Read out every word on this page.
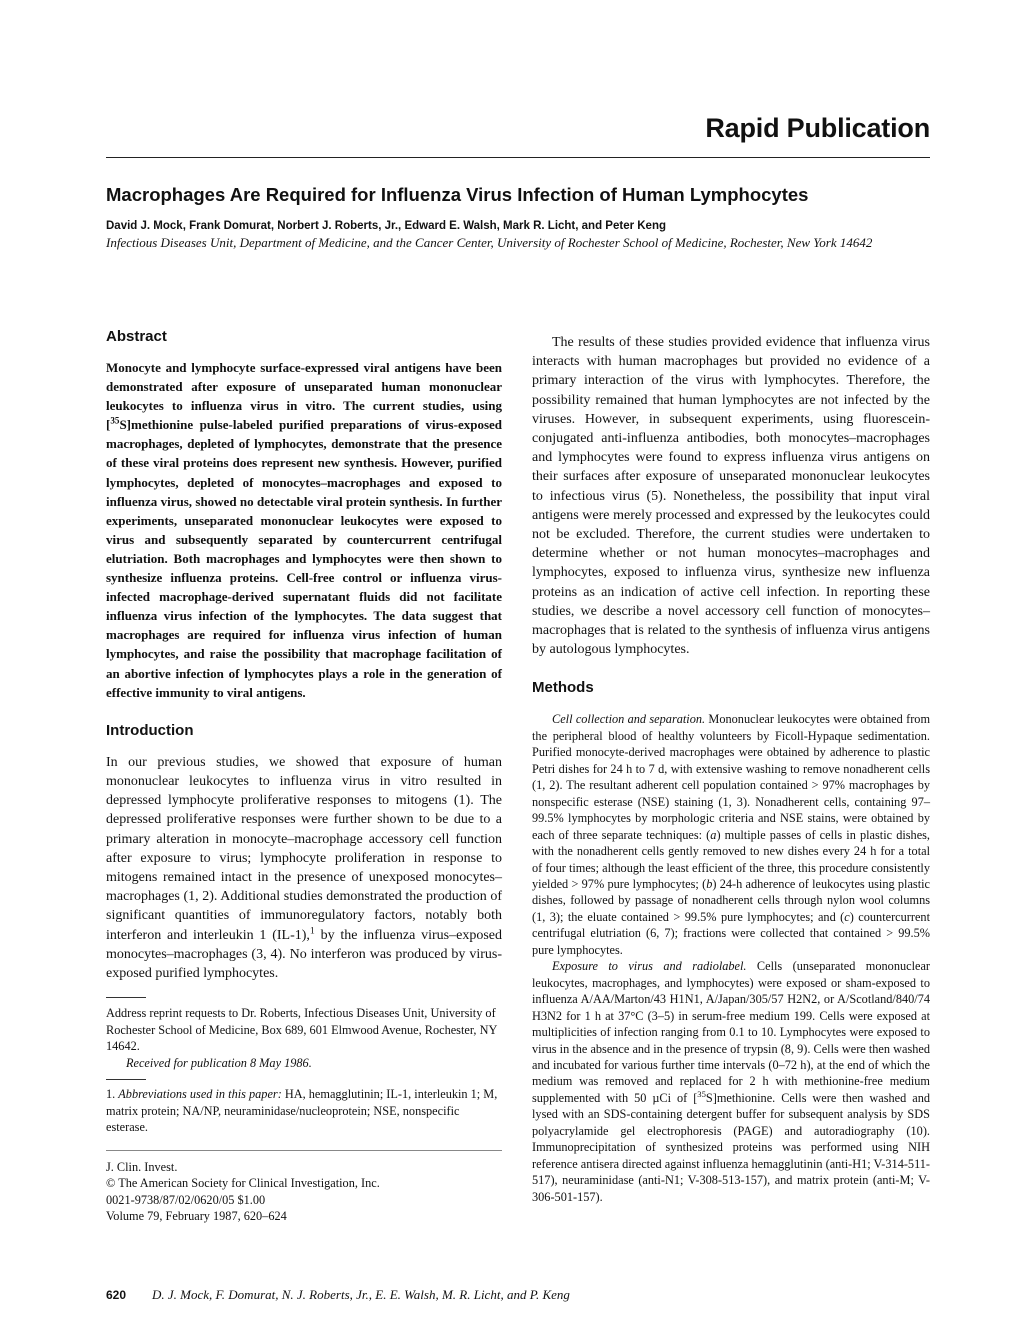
Rapid Publication
Macrophages Are Required for Influenza Virus Infection of Human Lymphocytes
David J. Mock, Frank Domurat, Norbert J. Roberts, Jr., Edward E. Walsh, Mark R. Licht, and Peter Keng
Infectious Diseases Unit, Department of Medicine, and the Cancer Center, University of Rochester School of Medicine, Rochester, New York 14642
Abstract

Monocyte and lymphocyte surface-expressed viral antigens have been demonstrated after exposure of unseparated human mononuclear leukocytes to influenza virus in vitro. The current studies, using [$^{35}$S]methionine pulse-labeled purified preparations of virus-exposed macrophages, depleted of lymphocytes, demonstrate that the presence of these viral proteins does represent new synthesis. However, purified lymphocytes, depleted of monocytes–macrophages and exposed to influenza virus, showed no detectable viral protein synthesis. In further experiments, unseparated mononuclear leukocytes were exposed to virus and subsequently separated by countercurrent centrifugal elutriation. Both macrophages and lymphocytes were then shown to synthesize influenza proteins. Cell-free control or influenza virus-infected macrophage-derived supernatant fluids did not facilitate influenza virus infection of the lymphocytes. The data suggest that macrophages are required for influenza virus infection of human lymphocytes, and raise the possibility that macrophage facilitation of an abortive infection of lymphocytes plays a role in the generation of effective immunity to viral antigens.

Introduction

In our previous studies, we showed that exposure of human mononuclear leukocytes to influenza virus in vitro resulted in depressed lymphocyte proliferative responses to mitogens (1). The depressed proliferative responses were further shown to be due to a primary alteration in monocyte–macrophage accessory cell function after exposure to virus; lymphocyte proliferation in response to mitogens remained intact in the presence of unexposed monocytes–macrophages (1, 2). Additional studies demonstrated the production of significant quantities of immunoregulatory factors, notably both interferon and interleukin 1 (IL-1),$^1$ by the influenza virus–exposed monocytes–macrophages (3, 4). No interferon was produced by virus-exposed purified lymphocytes.

Address reprint requests to Dr. Roberts, Infectious Diseases Unit, University of Rochester School of Medicine, Box 689, 601 Elmwood Avenue, Rochester, NY 14642.
Received for publication 8 May 1986.
1. Abbreviations used in this paper: HA, hemagglutinin; IL-1, interleukin 1; M, matrix protein; NA/NP, neuraminidase/nucleoprotein; NSE, nonspecific esterase.
J. Clin. Invest.
© The American Society for Clinical Investigation, Inc.
0021-9738/87/02/0620/05 $1.00
Volume 79, February 1987, 620–624

The results of these studies provided evidence that influenza virus interacts with human macrophages but provided no evidence of a primary interaction of the virus with lymphocytes. Therefore, the possibility remained that human lymphocytes are not infected by the viruses. However, in subsequent experiments, using fluorescein-conjugated anti-influenza antibodies, both monocytes–macrophages and lymphocytes were found to express influenza virus antigens on their surfaces after exposure of unseparated mononuclear leukocytes to infectious virus (5). Nonetheless, the possibility that input viral antigens were merely processed and expressed by the leukocytes could not be excluded. Therefore, the current studies were undertaken to determine whether or not human monocytes–macrophages and lymphocytes, exposed to influenza virus, synthesize new influenza proteins as an indication of active cell infection. In reporting these studies, we describe a novel accessory cell function of monocytes–macrophages that is related to the synthesis of influenza virus antigens by autologous lymphocytes.

Methods

Cell collection and separation. Mononuclear leukocytes were obtained from the peripheral blood of healthy volunteers by Ficoll-Hypaque sedimentation. Purified monocyte-derived macrophages were obtained by adherence to plastic Petri dishes for 24 h to 7 d, with extensive washing to remove nonadherent cells (1, 2). The resultant adherent cell population contained > 97% macrophages by nonspecific esterase (NSE) staining (1, 3). Nonadherent cells, containing 97–99.5% lymphocytes by morphologic criteria and NSE stains, were obtained by each of three separate techniques: (a) multiple passes of cells in plastic dishes, with the nonadherent cells gently removed to new dishes every 24 h for a total of four times; although the least efficient of the three, this procedure consistently yielded > 97% pure lymphocytes; (b) 24-h adherence of leukocytes using plastic dishes, followed by passage of nonadherent cells through nylon wool columns (1, 3); the eluate contained > 99.5% pure lymphocytes; and (c) countercurrent centrifugal elutriation (6, 7); fractions were collected that contained > 99.5% pure lymphocytes.

Exposure to virus and radiolabel. Cells (unseparated mononuclear leukocytes, macrophages, and lymphocytes) were exposed or sham-exposed to influenza A/AA/Marton/43 H1N1, A/Japan/305/57 H2N2, or A/Scotland/840/74 H3N2 for 1 h at 37°C (3–5) in serum-free medium 199. Cells were exposed at multiplicities of infection ranging from 0.1 to 10. Lymphocytes were exposed to virus in the absence and in the presence of trypsin (8, 9). Cells were then washed and incubated for various further time intervals (0–72 h), at the end of which the medium was removed and replaced for 2 h with methionine-free medium supplemented with 50 µCi of [$^{35}$S]methionine. Cells were then washed and lysed with an SDS-containing detergent buffer for subsequent analysis by SDS polyacrylamide gel electrophoresis (PAGE) and autoradiography (10). Immunoprecipitation of synthesized proteins was performed using NIH reference antisera directed against influenza hemagglutinin (anti-H1; V-314-511-517), neuraminidase (anti-N1; V-308-513-157), and matrix protein (anti-M; V-306-501-157).

620 D. J. Mock, F. Domurat, N. J. Roberts, Jr., E. E. Walsh, M. R. Licht, and P. Keng
